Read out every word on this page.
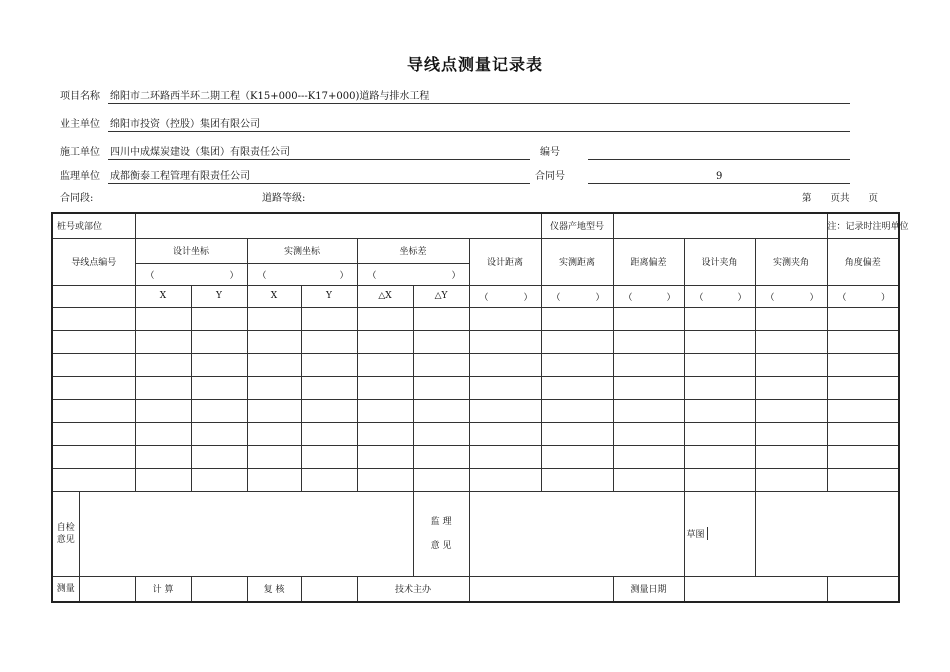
导线点测量记录表
项目名称 绵阳市二环路西半环二期工程（K15+000---K17+000)道路与排水工程
业主单位 绵阳市投资（控股）集团有限公司
施工单位 四川中成煤炭建设（集团）有限责任公司	编号
监理单位 成都衡泰工程管理有限责任公司	合同号	9
合同段:	道路等级:	第　　页共　　页
桩号或部位									仪器产地型号				注：记录时注明单位
导线点编号		设计坐标		实测坐标		坐标差		设计距离	实测距离	距离偏差	设计夹角	实测夹角	角度偏差

		（ ）		（ ）		（ ）							

		X	Y	X	Y	△X	△Y	（ ）	（ ）	（ ）	（ ）	（ ）	（ ）

自检意见							监 理
意 见				草图		

测量		计 算		复 核		技术主办				测量日期			
